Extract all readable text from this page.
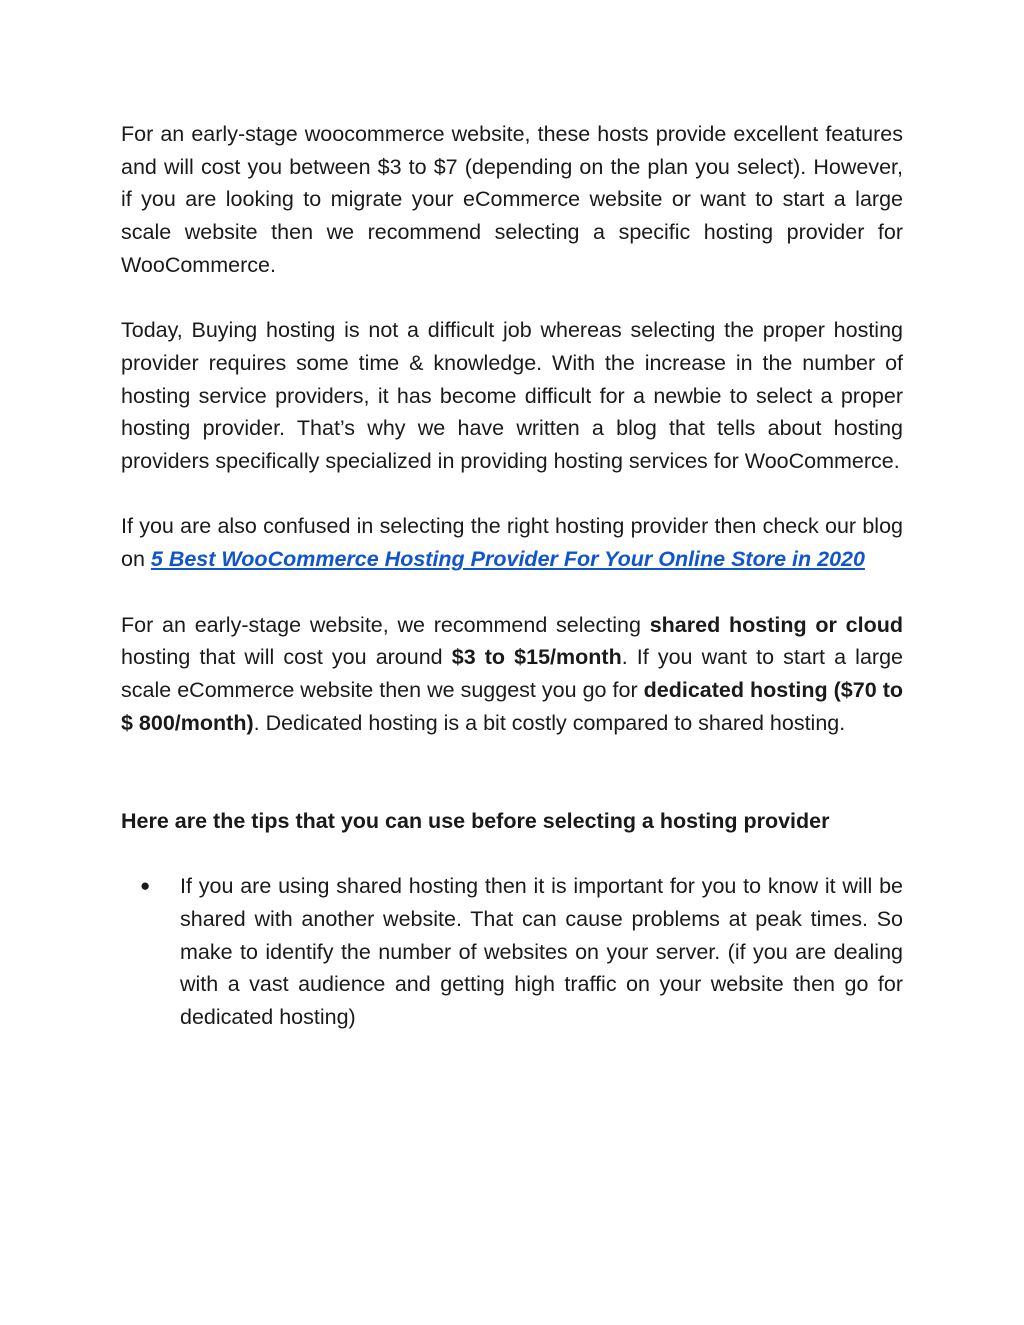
For an early-stage woocommerce website, these hosts provide excellent features and will cost you between $3 to $7 (depending on the plan you select). However, if you are looking to migrate your eCommerce website or want to start a large scale website then we recommend selecting a specific hosting provider for WooCommerce.

Today, Buying hosting is not a difficult job whereas selecting the proper hosting provider requires some time & knowledge. With the increase in the number of hosting service providers, it has become difficult for a newbie to select a proper hosting provider. That’s why we have written a blog that tells about hosting providers specifically specialized in providing hosting services for WooCommerce.

If you are also confused in selecting the right hosting provider then check our blog on 5 Best WooCommerce Hosting Provider For Your Online Store in 2020

For an early-stage website, we recommend selecting shared hosting or cloud hosting that will cost you around $3 to $15/month. If you want to start a large scale eCommerce website then we suggest you go for dedicated hosting ($70 to $ 800/month). Dedicated hosting is a bit costly compared to shared hosting.

Here are the tips that you can use before selecting a hosting provider
● If you are using shared hosting then it is important for you to know it will be shared with another website. That can cause problems at peak times. So make to identify the number of websites on your server. (if you are dealing with a vast audience and getting high traffic on your website then go for dedicated hosting)
